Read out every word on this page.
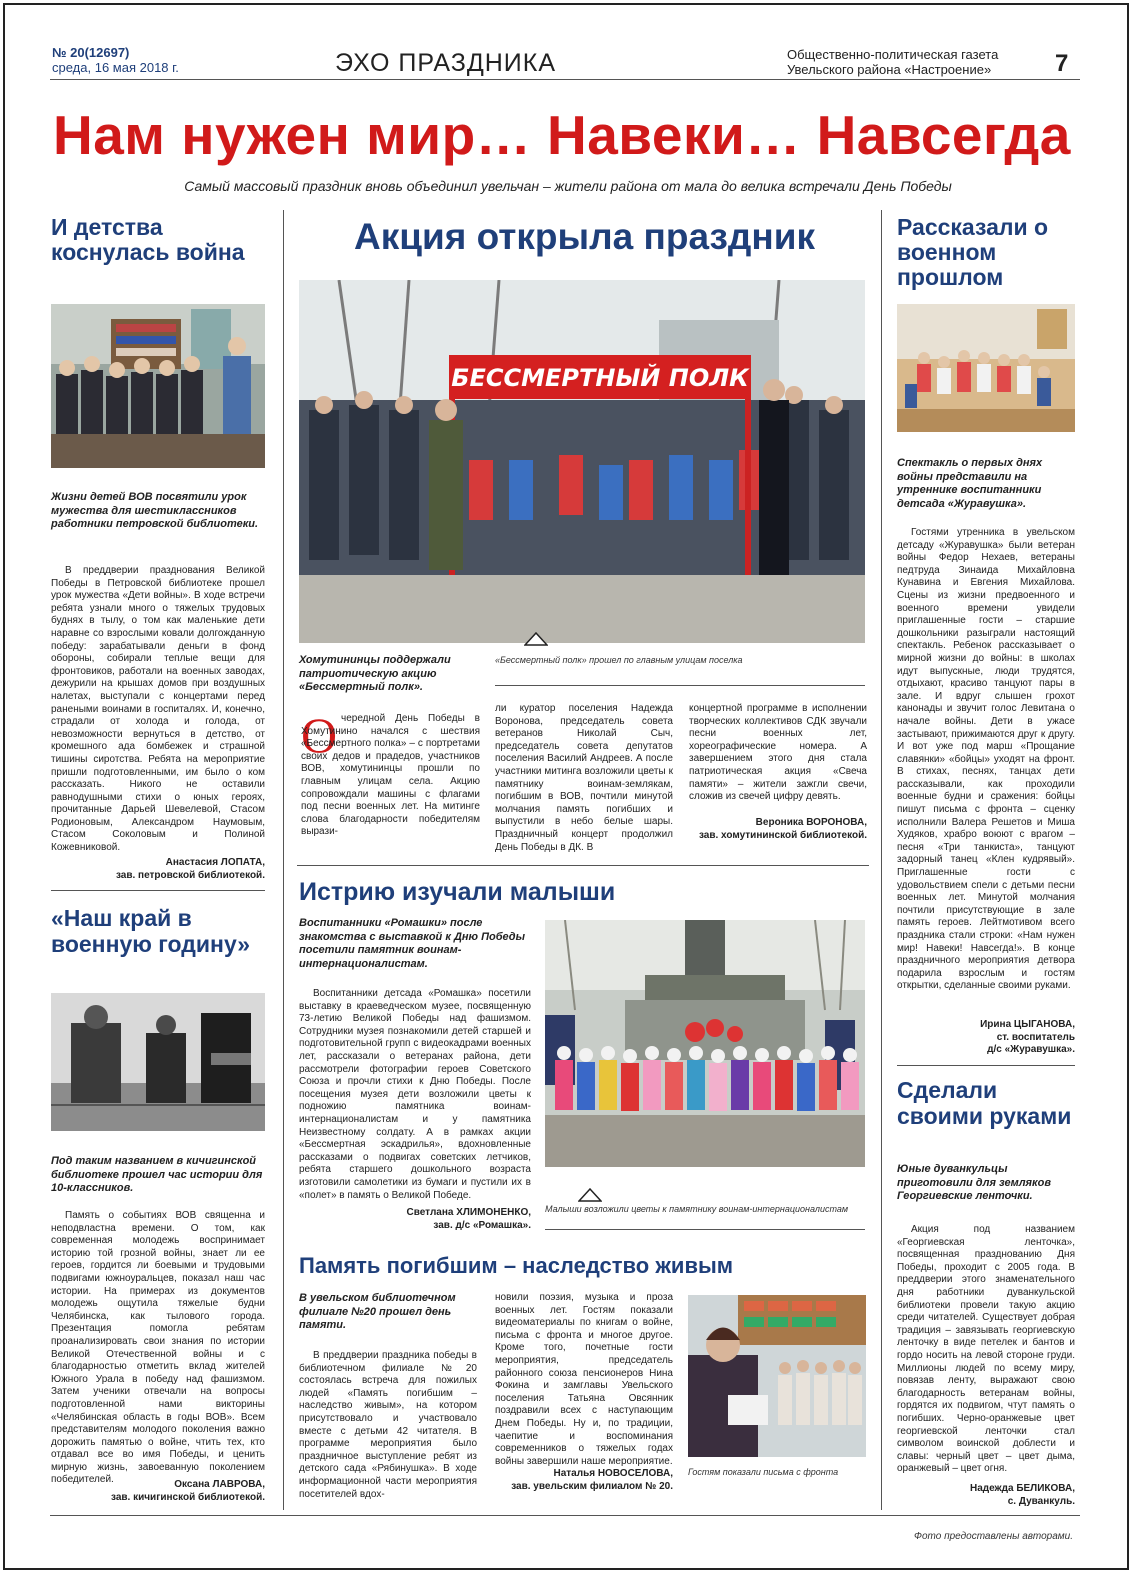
№ 20(12697)
среда, 16 мая 2018 г.	ЭХО ПРАЗДНИКА	Общественно-политическая газета
Увельского района «Настроение»	7
Нам нужен мир… Навеки… Навсегда
Самый массовый праздник вновь объединил увельчан – жители района от мала до велика встречали День Победы
И детства коснулась война
Жизни детей ВОВ посвятили урок мужества для шестиклассников работники петровской библиотеки.
В преддверии празднования Великой Победы в Петровской библиотеке прошел урок мужества «Дети войны». В ходе встречи ребята узнали много о тяжелых трудовых буднях в тылу, о том как маленькие дети наравне со взрослыми ковали долгожданную победу: зарабатывали деньги в фонд обороны, собирали теплые вещи для фронтовиков, работали на военных заводах, дежурили на крышах домов при воздушных налетах, выступали с концертами перед ранеными воинами в госпиталях. И, конечно, страдали от холода и голода, от невозможности вернуться в детство, от кромешного ада бомбежек и страшной тишины сиротства. Ребята на мероприятие пришли подготовленными, им было о ком рассказать. Никого не оставили равнодушными стихи о юных героях, прочитанные Дарьей Шевелевой, Стасом Родионовым, Александром Наумовым, Стасом Соколовым и Полиной Кожевниковой.
Анастасия ЛОПАТА,
зав. петровской библиотекой.
«Наш край в военную годину»
Под таким названием в кичигинской библиотеке прошел час истории для 10-классников.
Память о событиях ВОВ священна и неподвластна времени. О том, как современная молодежь воспринимает историю той грозной войны, знает ли ее героев, гордится ли боевыми и трудовыми подвигами южноуральцев, показал наш час истории. На примерах из документов молодежь ощутила тяжелые будни Челябинска, как тылового города. Презентация помогла ребятам проанализировать свои знания по истории Великой Отечественной войны и с благодарностью отметить вклад жителей Южного Урала в победу над фашизмом. Затем ученики отвечали на вопросы подготовленной нами викторины «Челябинская область в годы ВОВ». Всем представителям молодого поколения важно дорожить памятью о войне, чтить тех, кто отдавал все во имя Победы, и ценить мирную жизнь, завоеванную поколением победителей.	Оксана ЛАВРОВА,
зав. кичигинской библиотекой.
Акция открыла праздник
БЕССМЕРТНЫЙ ПОЛК
Хомутининцы поддержали патриотическую акцию «Бессмертный полк».
«Бессмертный полк» прошел по главным улицам поселка
О чередной День Победы в Хомутинино начался с шествия «Бессмертного полка» – с портретами своих дедов и прадедов, участников ВОВ, хомутининцы прошли по главным улицам села. Акцию сопровождали машины с флагами под песни военных лет. На митинге слова благодарности победителям вырази-
ли куратор поселения Надежда Воронова, председатель совета ветеранов Николай Сыч, председатель совета депутатов поселения Василий Андреев. А после участники митинга возложили цветы к памятнику воинам-землякам, погибшим в ВОВ, почтили минутой молчания память погибших и выпустили в небо белые шары. Праздничный концерт продолжил День Победы в ДК. В
концертной программе в исполнении творческих коллективов СДК звучали песни военных лет, хореографические номера. А завершением этого дня стала патриотическая акция «Свеча памяти» – жители зажгли свечи, сложив из свечей цифру девять.
Вероника ВОРОНОВА,
зав. хомутининской библиотекой.
Истрию изучали малыши
Воспитанники «Ромашки» после знакомства с выставкой к Дню Победы посетили памятник воинам-интернационалистам.
Воспитанники детсада «Ромашка» посетили выставку в краеведческом музее, посвященную 73-летию Великой Победы над фашизмом. Сотрудники музея познакомили детей старшей и подготовительной групп с видеокадрами военных лет, рассказали о ветеранах района, дети рассмотрели фотографии героев Советского Союза и прочли стихи к Дню Победы. После посещения музея дети возложили цветы к подножию памятника воинам-интернационалистам и у памятника Неизвестному солдату. А в рамках акции «Бессмертная эскадрилья», вдохновленные рассказами о подвигах советских летчиков, ребята старшего дошкольного возраста изготовили самолетики из бумаги и пустили их в «полет» в память о Великой Победе.
Светлана ХЛИМОНЕНКО,
зав. д/с «Ромашка».
Малыши возложили цветы к памятнику воинам-интернационалистам
Память погибшим – наследство живым
В увельском библиотечном филиале №20 прошел день памяти.
В преддверии праздника победы в библиотечном филиале №20 состоялась встреча для пожилых людей «Память погибшим – наследство живым», на котором присутствовало и участвовало вместе с детьми 42 читателя. В программе мероприятия было праздничное выступление ребят из детского сада «Рябинушка». В ходе информационной части мероприятия посетителей вдох-
новили поэзия, музыка и проза военных лет. Гостям показали видеоматериалы по книгам о войне, письма с фронта и многое другое. Кроме того, почетные гости мероприятия, председатель районного союза пенсионеров Нина Фокина и замглавы Увельского поселения Татьяна Овсянник поздравили всех с наступающим Днем Победы. Ну и, по традиции, чаепитие и воспоминания современников о тяжелых годах войны завершили наше мероприятие.
Наталья НОВОСЕЛОВА,
зав. увельским филиалом № 20.
Гостям показали письма с фронта
Рассказали о военном прошлом
Спектакль о первых днях войны представили на утреннике воспитанники детсада «Журавушка».
Гостями утренника в увельском детсаду «Журавушка» были ветеран войны Федор Нехаев, ветераны педтруда Зинаида Михайловна Кунавина и Евгения Михайлова. Сцены из жизни предвоенного и военного времени увидели приглашенные гости – старшие дошкольники разыграли настоящий спектакль. Ребенок рассказывает о мирной жизни до войны: в школах идут выпускные, люди трудятся, отдыхают, красиво танцуют пары в зале. И вдруг слышен грохот канонады и звучит голос Левитана о начале войны. Дети в ужасе застывают, прижимаются друг к другу. И вот уже под марш «Прощание славянки» «бойцы» уходят на фронт. В стихах, песнях, танцах дети рассказывали, как проходили военные будни и сражения: бойцы пишут письма с фронта – сценку исполнили Валера Решетов и Миша Худяков, храбро воюют с врагом – песня «Три танкиста», танцуют задорный танец «Клен кудрявый». Приглашенные гости с удовольствием спели с детьми песни военных лет. Минутой молчания почтили присутствующие в зале память героев. Лейтмотивом всего праздника стали строки: «Нам нужен мир! Навеки! Навсегда!». В конце праздничного мероприятия детвора подарила взрослым и гостям открытки, сделанные своими руками.
Ирина ЦЫГАНОВА,
ст. воспитатель
д/с «Журавушка».
Сделали своими руками
Юные дуванкульцы приготовили для земляков Георгиевские ленточки.
Акция под названием «Георгиевская ленточка», посвященная празднованию Дня Победы, проходит с 2005 года. В преддверии этого знаменательного дня работники дуванкульской библиотеки провели такую акцию среди читателей. Существует добрая традиция – завязывать георгиевскую ленточку в виде петелек и бантов и гордо носить на левой стороне груди. Миллионы людей по всему миру, повязав ленту, выражают свою благодарность ветеранам войны, гордятся их подвигом, чтут память о погибших. Черно-оранжевые цвет георгиевской ленточки стал символом воинской доблести и славы: черный цвет – цвет дыма, оранжевый – цвет огня.
Надежда БЕЛИКОВА,
с. Дуванкуль.
Фото предоставлены авторами.
